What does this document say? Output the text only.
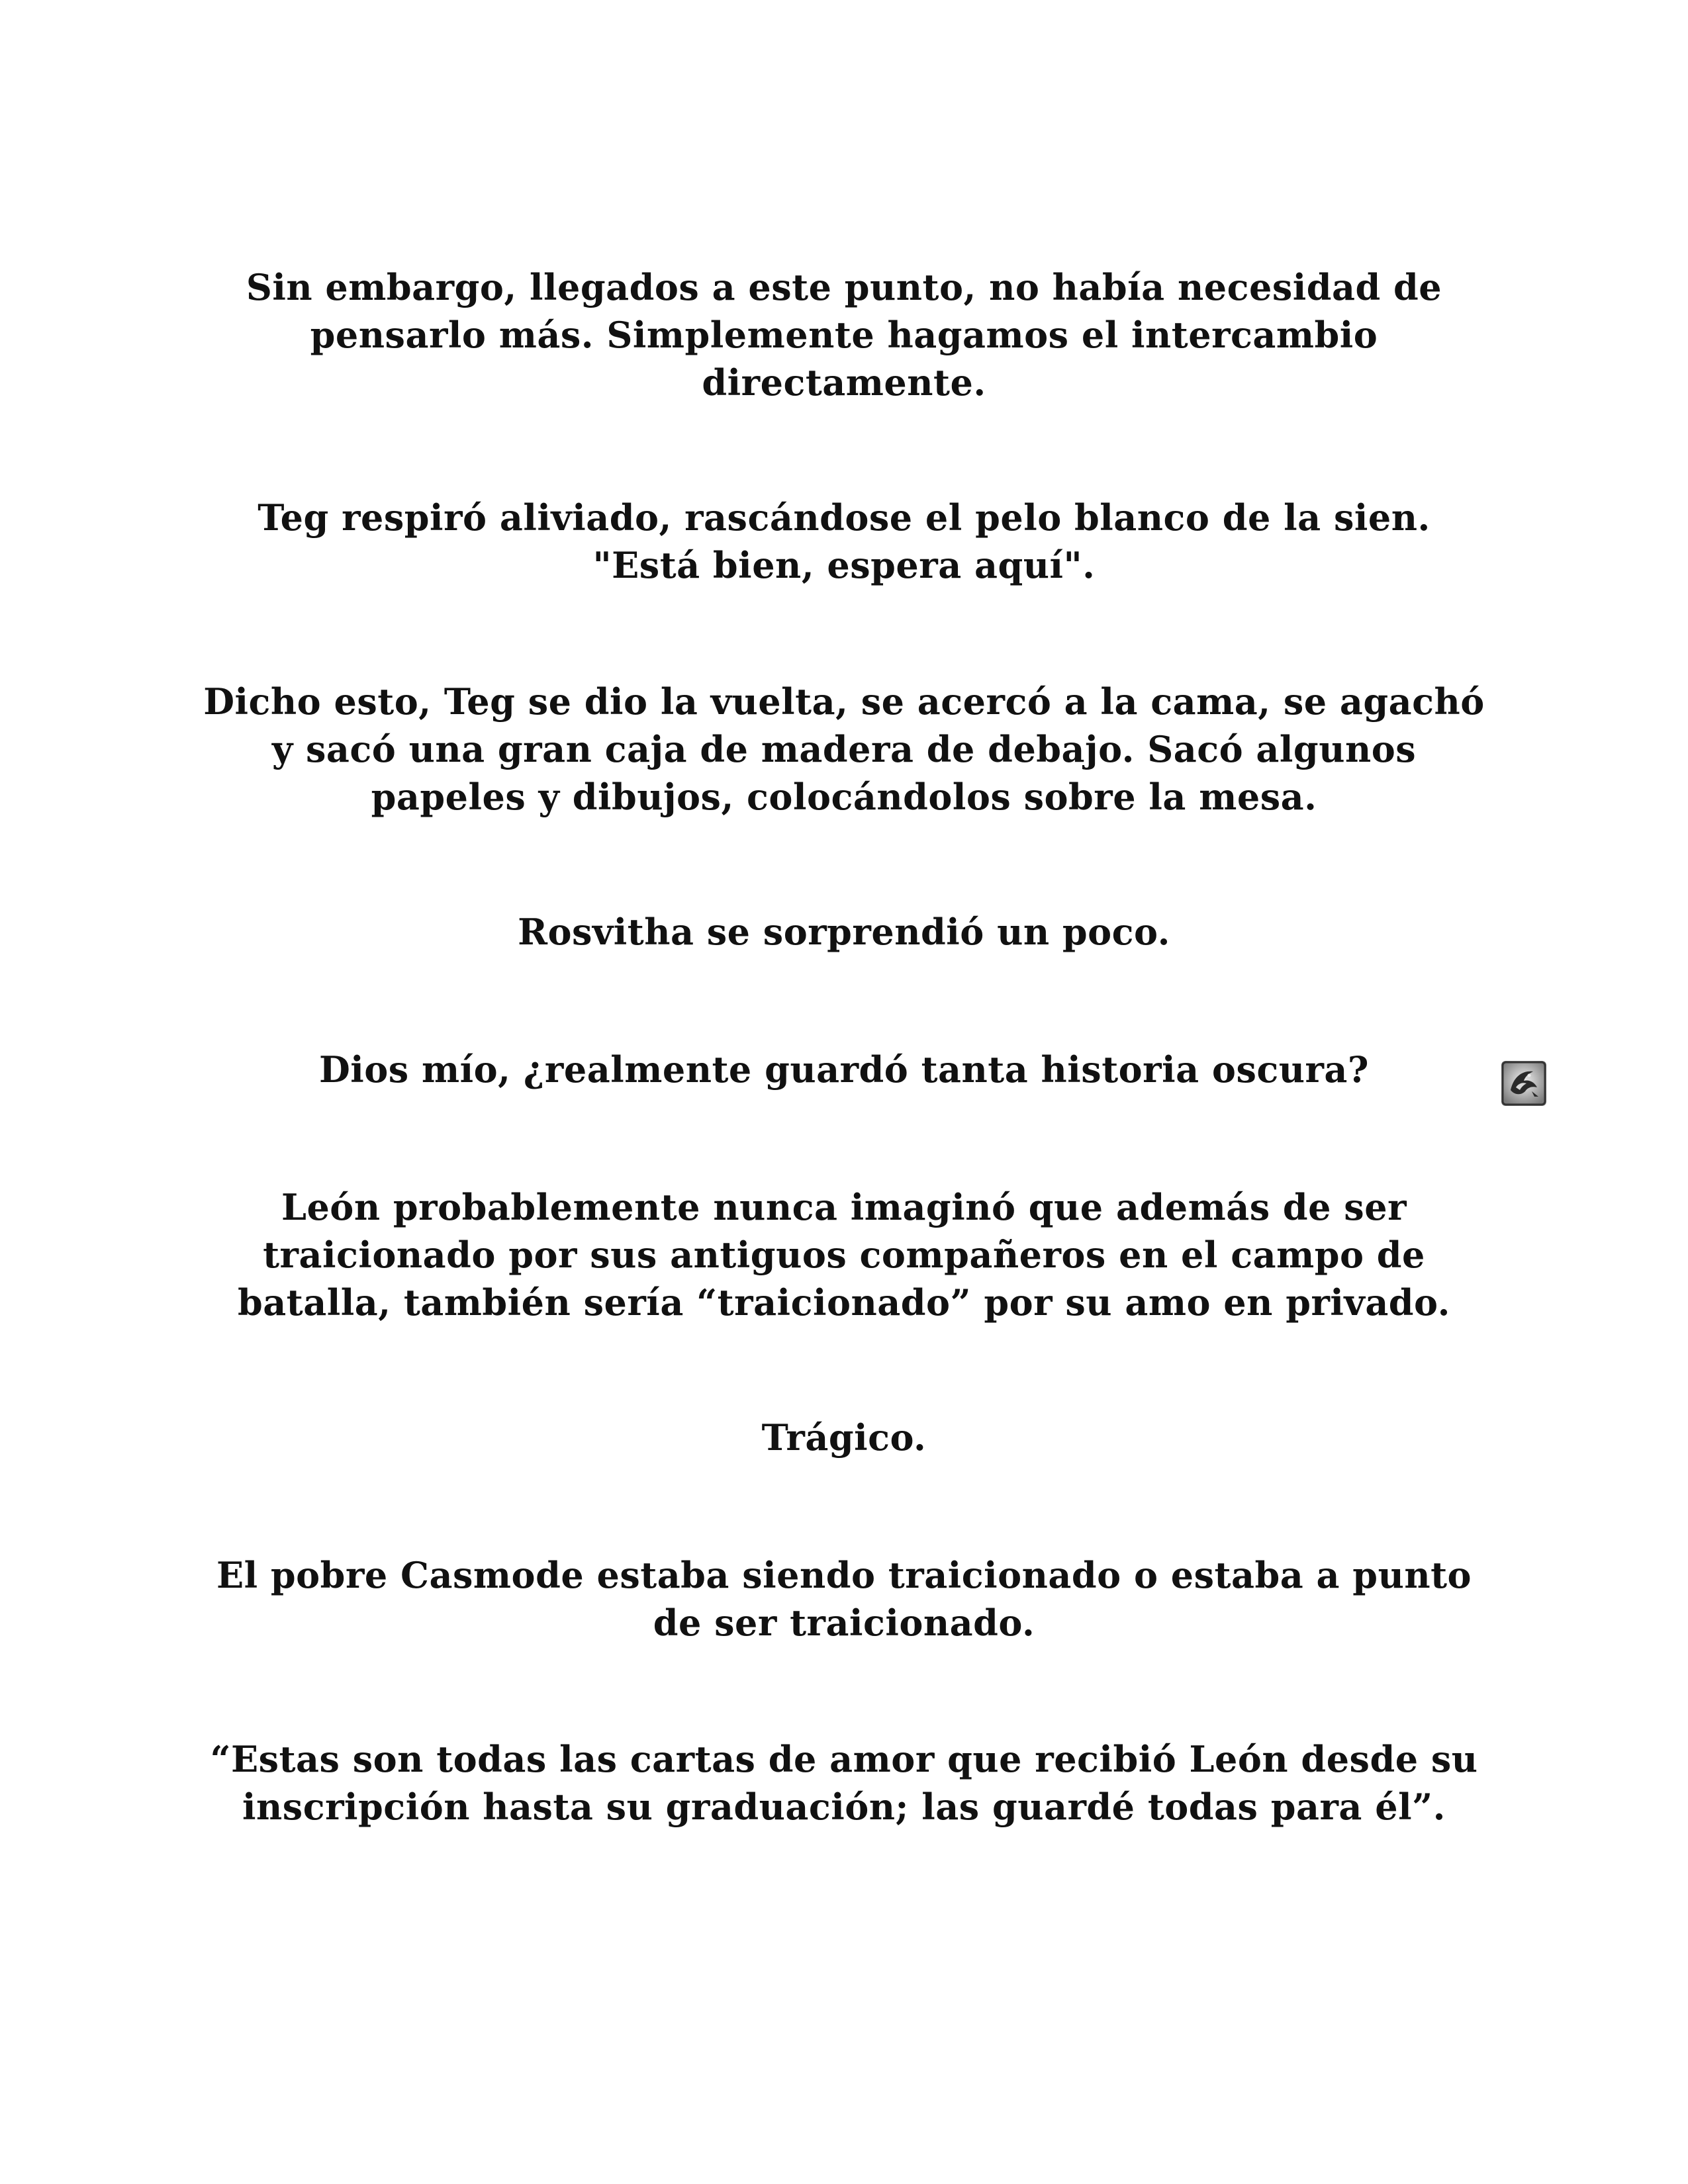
Sin embargo, llegados a este punto, no había necesidad de pensarlo más. Simplemente hagamos el intercambio directamente.

Teg respiró aliviado, rascándose el pelo blanco de la sien. "Está bien, espera aquí".

Dicho esto, Teg se dio la vuelta, se acercó a la cama, se agachó y sacó una gran caja de madera de debajo. Sacó algunos papeles y dibujos, colocándolos sobre la mesa.

Rosvitha se sorprendió un poco.

Dios mío, ¿realmente guardó tanta historia oscura?

León probablemente nunca imaginó que además de ser traicionado por sus antiguos compañeros en el campo de batalla, también sería “traicionado” por su amo en privado.

Trágico.

El pobre Casmode estaba siendo traicionado o estaba a punto de ser traicionado.

“Estas son todas las cartas de amor que recibió León desde su inscripción hasta su graduación; las guardé todas para él”.
